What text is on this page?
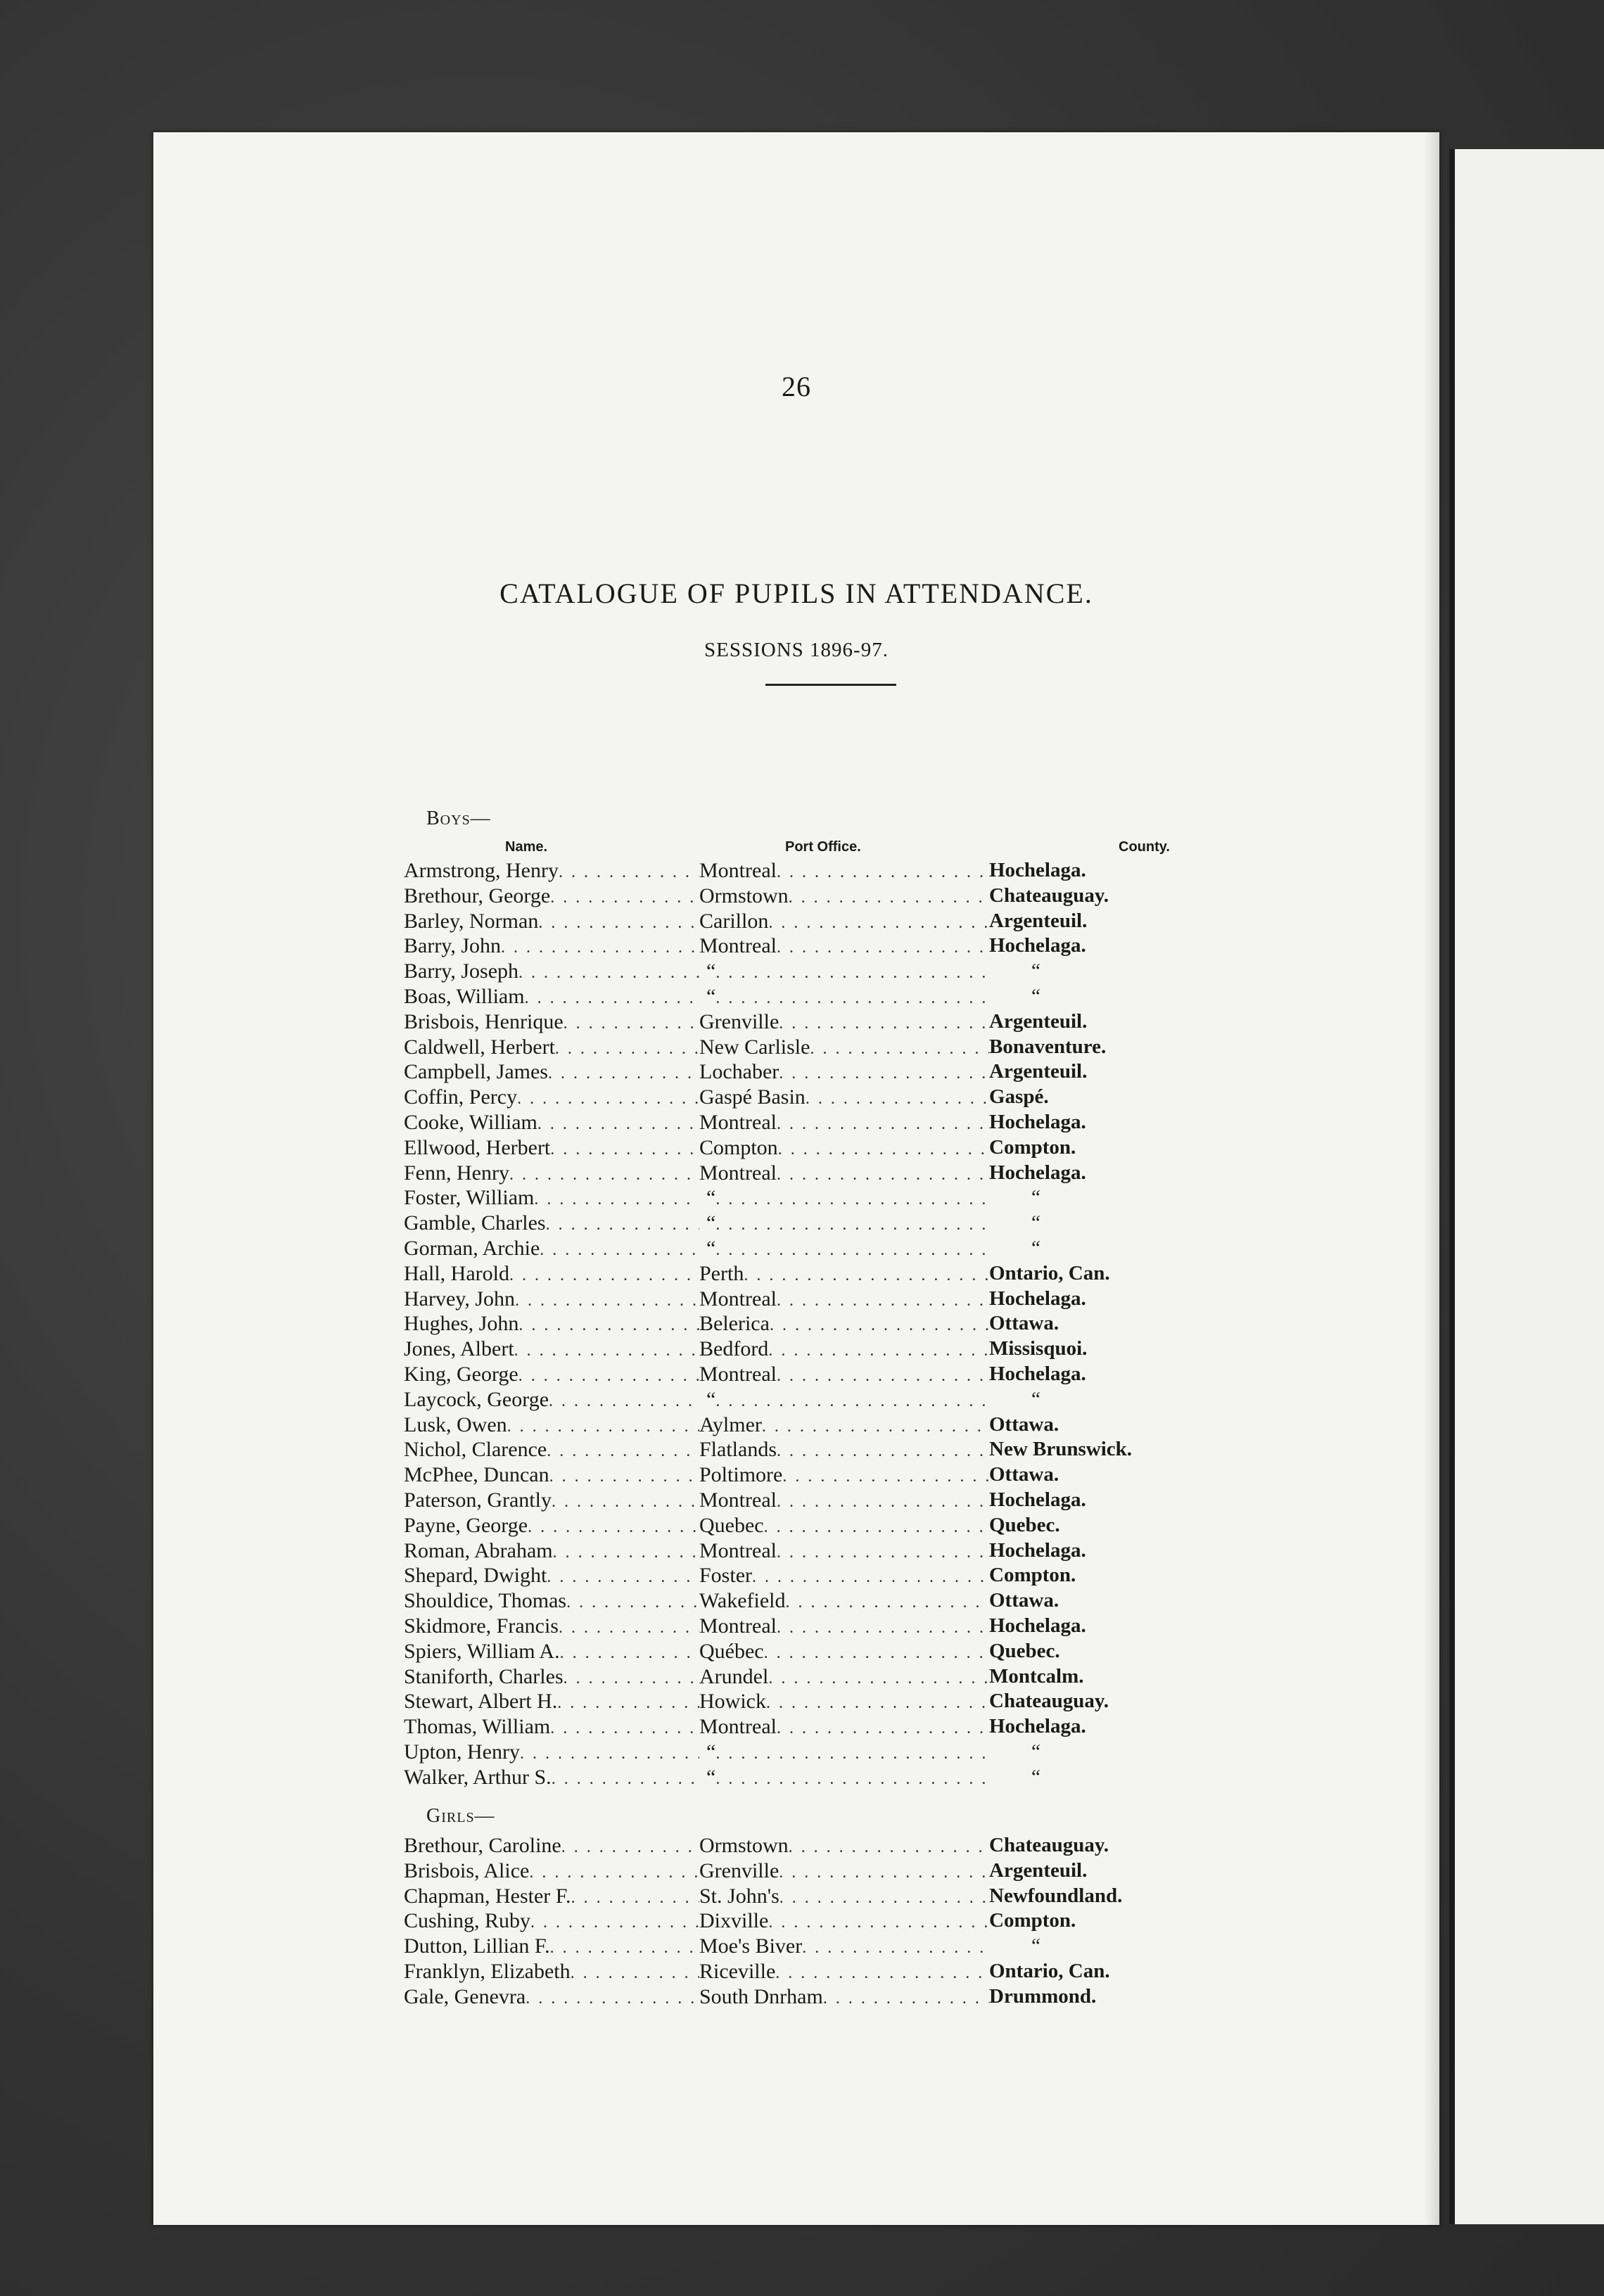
26
CATALOGUE OF PUPILS IN ATTENDANCE.
SESSIONS 1896-97.
Boys—
Name.	Port Office.	County.
Armstrong, Henry . . .	Montreal . . .	Hochelaga.
Brethour, George . . .	Ormstown . . .	Chateauguay.
Barley, Norman . . .	Carillon . . .	Argenteuil.
Barry, John . . .	Montreal . . .	Hochelaga.
Barry, Joseph . . .	“ . . .	“
Boas, William . . .	“ . . .	“
Brisbois, Henrique . . .	Grenville . . .	Argenteuil.
Caldwell, Herbert . . .	New Carlisle . . .	Bonaventure.
Campbell, James . . .	Lochaber . . .	Argenteuil.
Coffin, Percy . . .	Gaspé Basin . . .	Gaspé.
Cooke, William . . .	Montreal . . .	Hochelaga.
Ellwood, Herbert . . .	Compton . . .	Compton.
Fenn, Henry . . .	Montreal . . .	Hochelaga.
Foster, William . . .	“ . . .	“
Gamble, Charles . . .	“ . . .	“
Gorman, Archie . . .	“ . . .	“
Hall, Harold . . .	Perth . . .	Ontario, Can.
Harvey, John . . .	Montreal . . .	Hochelaga.
Hughes, John . . .	Belerica . . .	Ottawa.
Jones, Albert . . .	Bedford . . .	Missisquoi.
King, George . . .	Montreal . . .	Hochelaga.
Laycock, George . . .	“ . . .	“
Lusk, Owen . . .	Aylmer . . .	Ottawa.
Nichol, Clarence . . .	Flatlands . . .	New Brunswick.
McPhee, Duncan . . .	Poltimore . . .	Ottawa.
Paterson, Grantly . . .	Montreal . . .	Hochelaga.
Payne, George . . .	Quebec . . .	Quebec.
Roman, Abraham . . .	Montreal . . .	Hochelaga.
Shepard, Dwight . . .	Foster . . .	Compton.
Shouldice, Thomas . . .	Wakefield . . .	Ottawa.
Skidmore, Francis . . .	Montreal . . .	Hochelaga.
Spiers, William A. . . .	Québec . . .	Quebec.
Staniforth, Charles . . .	Arundel . . .	Montcalm.
Stewart, Albert H. . . .	Howick . . .	Chateauguay.
Thomas, William . . .	Montreal . . .	Hochelaga.
Upton, Henry . . .	“ . . .	“
Walker, Arthur S. . . .	“ . . .	“
Girls—
Brethour, Caroline . . .	Ormstown . . .	Chateauguay.
Brisbois, Alice . . .	Grenville . . .	Argenteuil.
Chapman, Hester F. . . .	St. John's . . .	Newfoundland.
Cushing, Ruby . . .	Dixville . . .	Compton.
Dutton, Lillian F. . . .	Moe's Biver . . .	“
Franklyn, Elizabeth . . .	Riceville . . .	Ontario, Can.
Gale, Genevra . . .	South Dnrham . . .	Drummond.
